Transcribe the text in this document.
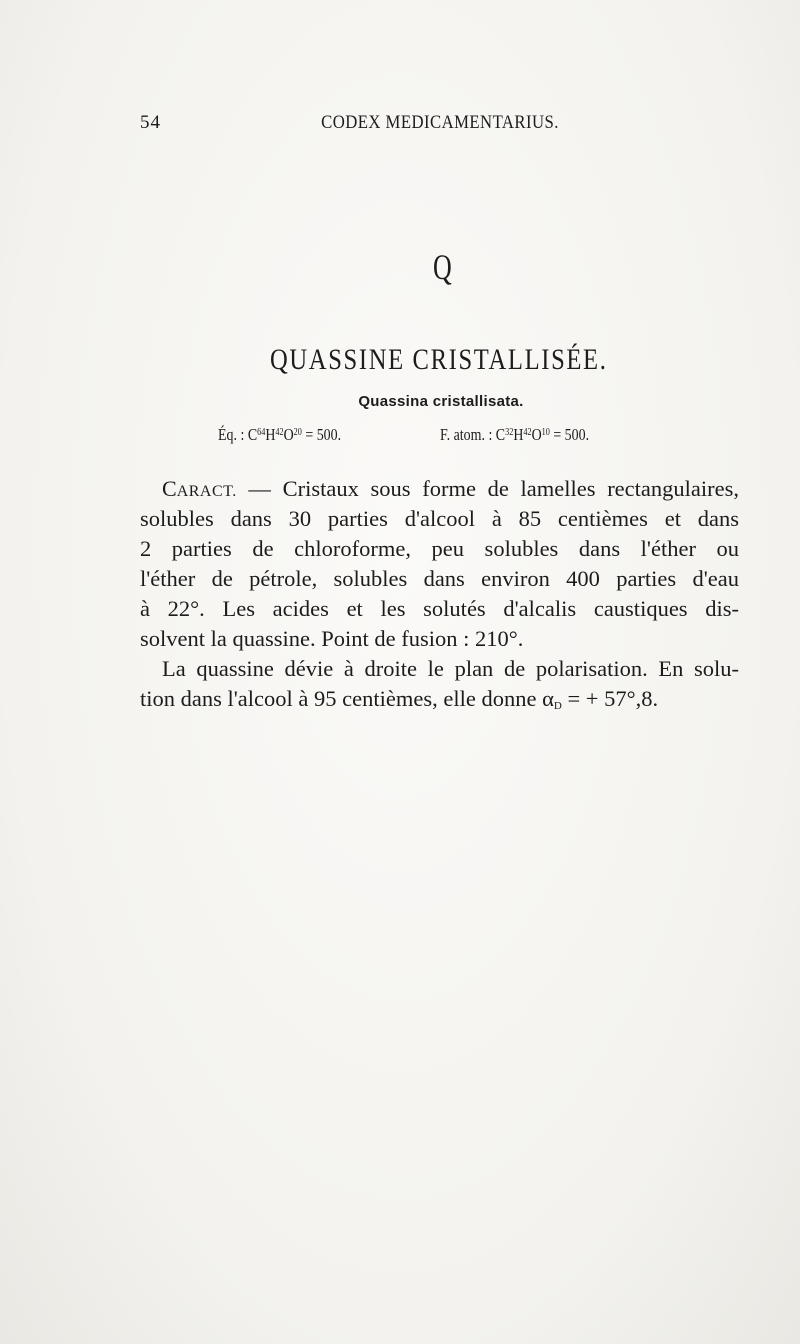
54	CODEX MEDICAMENTARIUS.
Q
QUASSINE CRISTALLISÉE.
Quassina cristallisata.
Éq. : $C^{64}H^{42}O^{20} = 500$.	F. atom. : $C^{32}H^{42}O^{10} = 500$.
CARACT. — Cristaux sous forme de lamelles rectangulaires,
solubles dans 30 parties d'alcool à 85 centièmes et dans
2 parties de chloroforme, peu solubles dans l'éther ou
l'éther de pétrole, solubles dans environ 400 parties d'eau
à 22°. Les acides et les solutés d'alcalis caustiques dis-
solvent la quassine. Point de fusion : 210°.
La quassine dévie à droite le plan de polarisation. En solu-
tion dans l'alcool à 95 centièmes, elle donne αD = + 57°,8.
